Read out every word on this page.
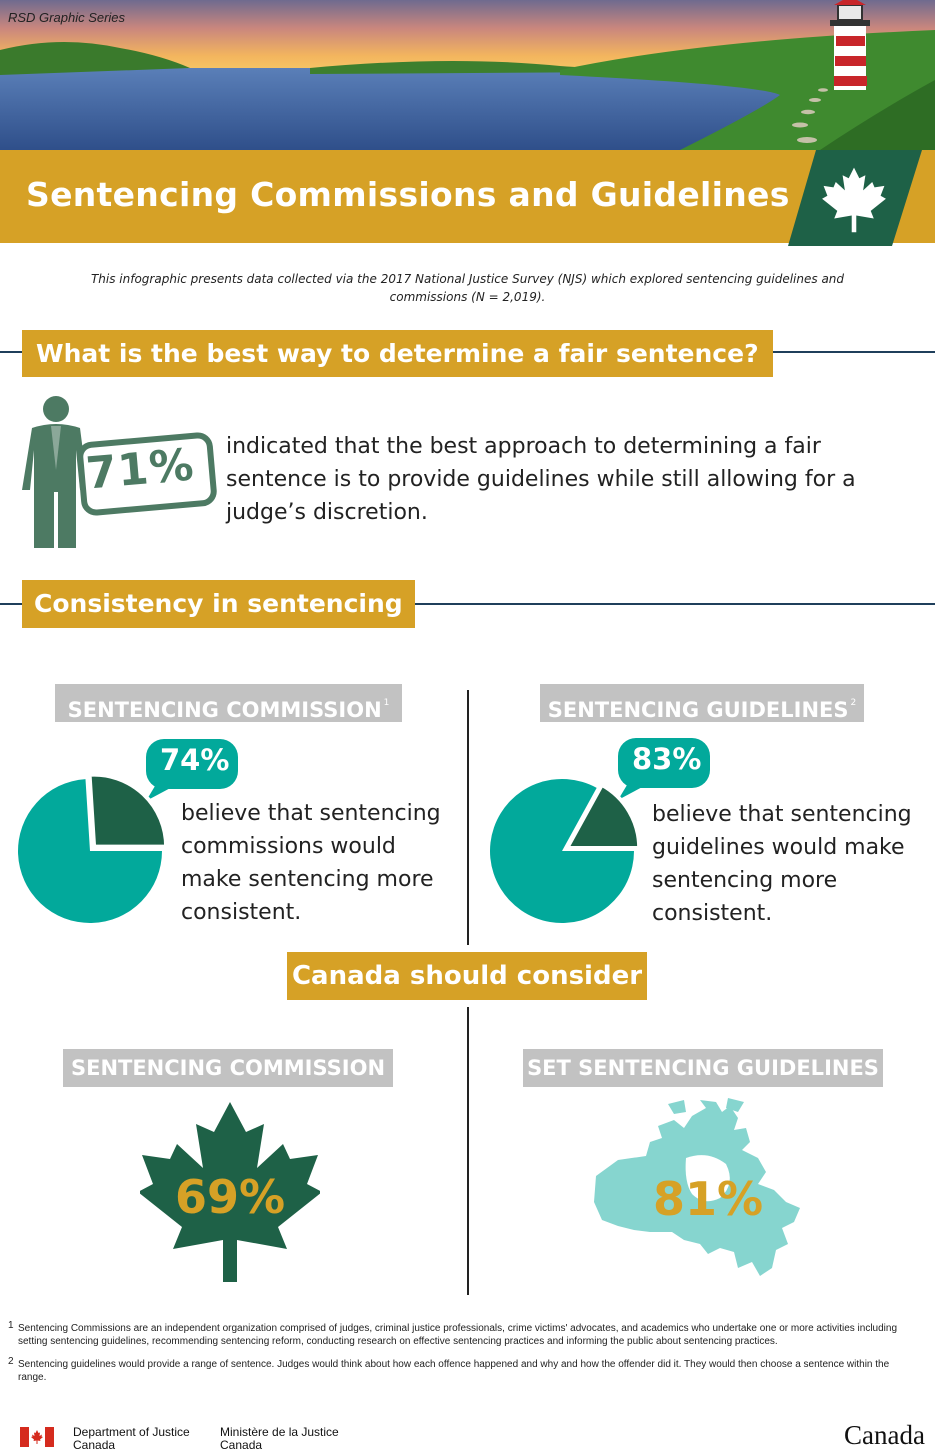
RSD Graphic Series
Sentencing Commissions and Guidelines
This infographic presents data collected via the 2017 National Justice Survey (NJS) which explored sentencing guidelines and commissions (N = 2,019).
What is the best way to determine a fair sentence?
71% indicated that the best approach to determining a fair sentence is to provide guidelines while still allowing for a judge’s discretion.
Consistency in sentencing
SENTENCING COMMISSION $^1$
74%
believe that sentencing commissions would make sentencing more consistent.
SENTENCING GUIDELINES $^2$
83%
believe that sentencing guidelines would make sentencing more consistent.
Canada should consider
SENTENCING COMMISSION	SET SENTENCING GUIDELINES
69%	81%
1 Sentencing Commissions are an independent organization comprised of judges, criminal justice professionals, crime victims' advocates, and academics who undertake one or more activities including setting sentencing guidelines, recommending sentencing reform, conducting research on effective sentencing practices and informing the public about sentencing practices.
2 Sentencing guidelines would provide a range of sentence. Judges would think about how each offence happened and why and how the offender did it. They would then choose a sentence within the range.
Department of Justice
Canada
Ministère de la Justice
Canada	Canada
